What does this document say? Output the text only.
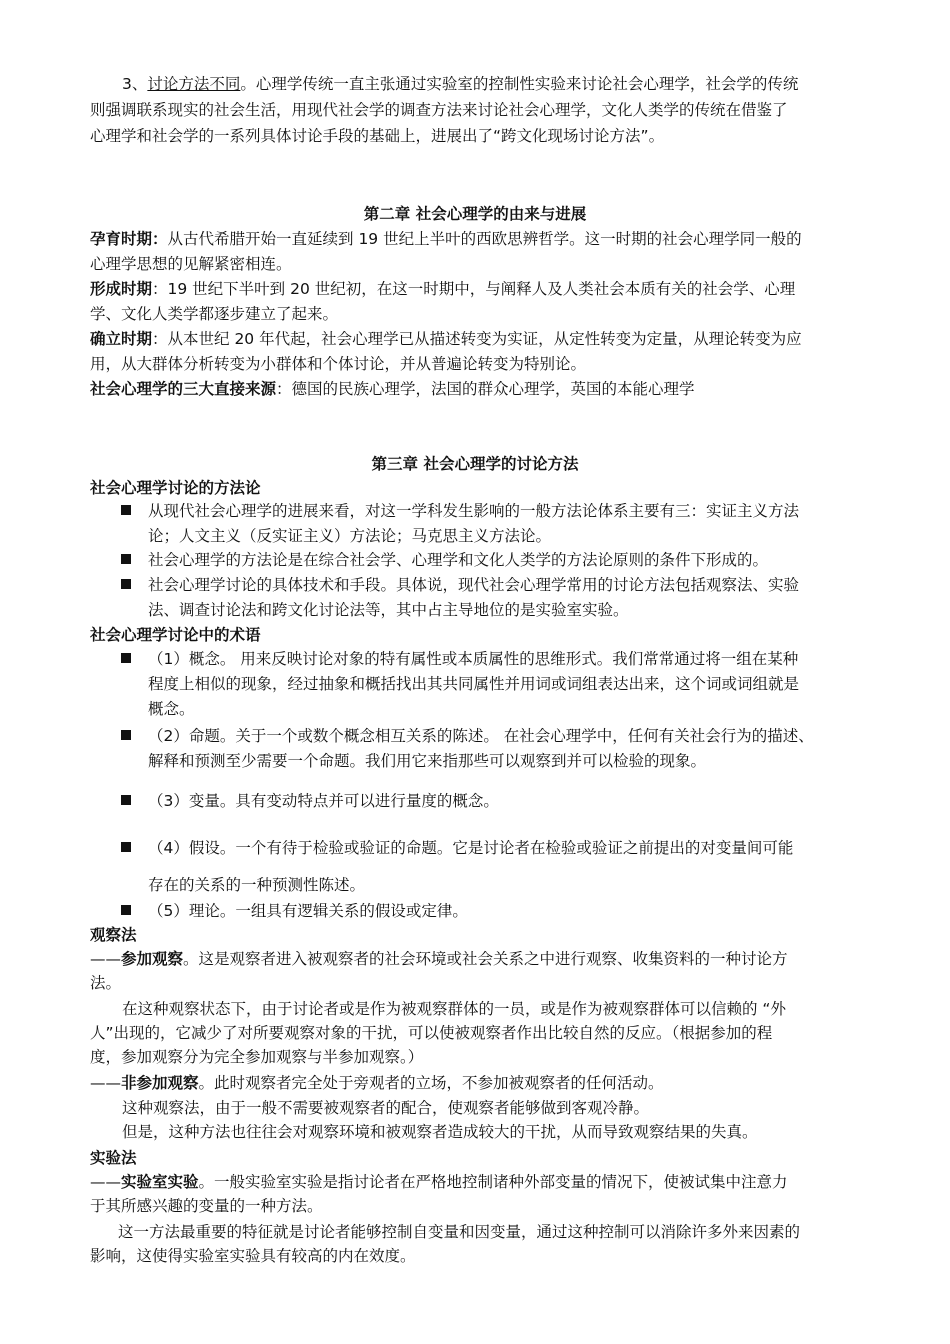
3、讨论方法不同。心理学传统一直主张通过实验室的控制性实验来讨论社会心理学，社会学的传统
则强调联系现实的社会生活，用现代社会学的调查方法来讨论社会心理学，文化人类学的传统在借鉴了
心理学和社会学的一系列具体讨论手段的基础上，进展出了“跨文化现场讨论方法”。
第二章 社会心理学的由来与进展
孕育时期：从古代希腊开始一直延续到 19 世纪上半叶的西欧思辨哲学。这一时期的社会心理学同一般的
心理学思想的见解紧密相连。
形成时期：19 世纪下半叶到 20 世纪初，在这一时期中，与阐释人及人类社会本质有关的社会学、心理
学、文化人类学都逐步建立了起来。
确立时期：从本世纪 20 年代起，社会心理学已从描述转变为实证，从定性转变为定量，从理论转变为应
用，从大群体分析转变为小群体和个体讨论，并从普遍论转变为特别论。
社会心理学的三大直接来源：德国的民族心理学，法国的群众心理学，英国的本能心理学
第三章 社会心理学的讨论方法
社会心理学讨论的方法论
从现代社会心理学的进展来看，对这一学科发生影响的一般方法论体系主要有三：实证主义方法
论；人文主义（反实证主义）方法论；马克思主义方法论。
社会心理学的方法论是在综合社会学、心理学和文化人类学的方法论原则的条件下形成的。
社会心理学讨论的具体技术和手段。具体说，现代社会心理学常用的讨论方法包括观察法、实验
法、调查讨论法和跨文化讨论法等，其中占主导地位的是实验室实验。
社会心理学讨论中的术语
（1）概念。 用来反映讨论对象的特有属性或本质属性的思维形式。我们常常通过将一组在某种
程度上相似的现象，经过抽象和概括找出其共同属性并用词或词组表达出来，这个词或词组就是
概念。
（2）命题。关于一个或数个概念相互关系的陈述。 在社会心理学中，任何有关社会行为的描述、
解释和预测至少需要一个命题。我们用它来指那些可以观察到并可以检验的现象。
（3）变量。具有变动特点并可以进行量度的概念。
（4）假设。一个有待于检验或验证的命题。它是讨论者在检验或验证之前提出的对变量间可能
存在的关系的一种预测性陈述。
（5）理论。一组具有逻辑关系的假设或定律。
观察法
——参加观察。这是观察者进入被观察者的社会环境或社会关系之中进行观察、收集资料的一种讨论方
法。
在这种观察状态下，由于讨论者或是作为被观察群体的一员，或是作为被观察群体可以信赖的 “外
人”出现的，它减少了对所要观察对象的干扰，可以使被观察者作出比较自然的反应。（根据参加的程
度，参加观察分为完全参加观察与半参加观察。）
——非参加观察。此时观察者完全处于旁观者的立场，不参加被观察者的任何活动。
这种观察法，由于一般不需要被观察者的配合，使观察者能够做到客观冷静。
但是，这种方法也往往会对观察环境和被观察者造成较大的干扰，从而导致观察结果的失真。
实验法
——实验室实验。一般实验室实验是指讨论者在严格地控制诸种外部变量的情况下，使被试集中注意力
于其所感兴趣的变量的一种方法。
这一方法最重要的特征就是讨论者能够控制自变量和因变量，通过这种控制可以消除许多外来因素的
影响，这使得实验室实验具有较高的内在效度。
